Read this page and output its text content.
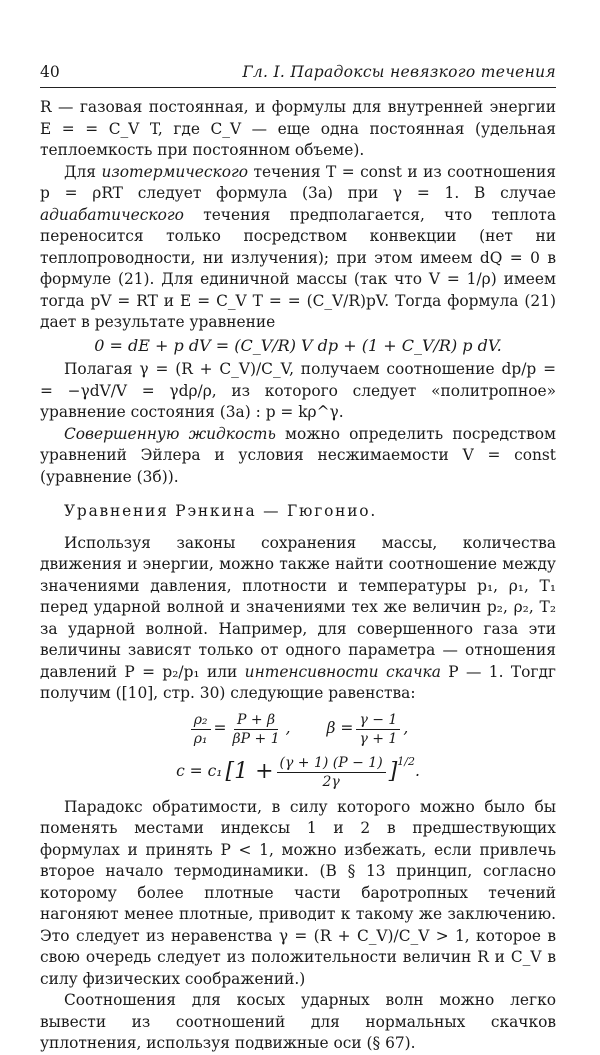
40	Гл. I. Парадоксы невязкого течения

R — газовая постоянная, и формулы для внутренней энергии E = = C_V T, где C_V — еще одна постоянная (удельная теплоемкость при постоянном объеме).

Для изотермического течения T = const и из соотношения p = ρRT следует формула (3a) при γ = 1. В случае адиабатического течения предполагается, что теплота переносится только посредством конвекции (нет ни теплопроводности, ни излучения); при этом имеем dQ = 0 в формуле (21). Для единичной массы (так что V = 1/ρ) имеем тогда pV = RT и E = C_V T = = (C_V/R)pV. Тогда формула (21) дает в результате уравнение

0 = dE + p dV = (C_V/R) V dp + (1 + C_V/R) p dV.

Полагая γ = (R + C_V)/C_V, получаем соотношение dp/p = = −γdV/V = γdρ/ρ, из которого следует «политропное» уравнение состояния (3a) : p = kρ^γ.

Совершенную жидкость можно определить посредством уравнений Эйлера и условия несжимаемости V = const (уравнение (3б)).

Уравнения Рэнкина — Гюгонио.

Используя законы сохранения массы, количества движения и энергии, можно также найти соотношение между значениями давления, плотности и температуры p₁, ρ₁, T₁ перед ударной волной и значениями тех же величин p₂, ρ₂, T₂ за ударной волной. Например, для совершенного газа эти величины зависят только от одного параметра — отношения давлений P = p₂/p₁ или интенсивности скачка P — 1. Тогдг получим ([10], стр. 30) следующие равенства:

$\frac{\text{ρ₂}}{\text{ρ₁}} = \frac{P + \beta}{\beta P + 1}$ , $\beta = \frac{\gamma - 1}{\gamma + 1}$ ,
c = c₁ $[1 + \frac{(\gamma + 1) (P - 1)}{2\gamma} ]^{1/2}$
.

Парадокс обратимости, в силу которого можно было бы поменять местами индексы 1 и 2 в предшествующих формулах и принять P < 1, можно избежать, если привлечь второе начало термодинамики. (В § 13 принцип, согласно которому более плотные части баротропных течений нагоняют менее плотные, приводит к такому же заключению. Это следует из неравенства γ = (R + C_V)/C_V > 1, которое в свою очередь следует из положительности величин R и C_V в силу физических соображений.)

Соотношения для косых ударных волн можно легко вывести из соотношений для нормальных скачков уплотнения, используя подвижные оси (§ 67).
